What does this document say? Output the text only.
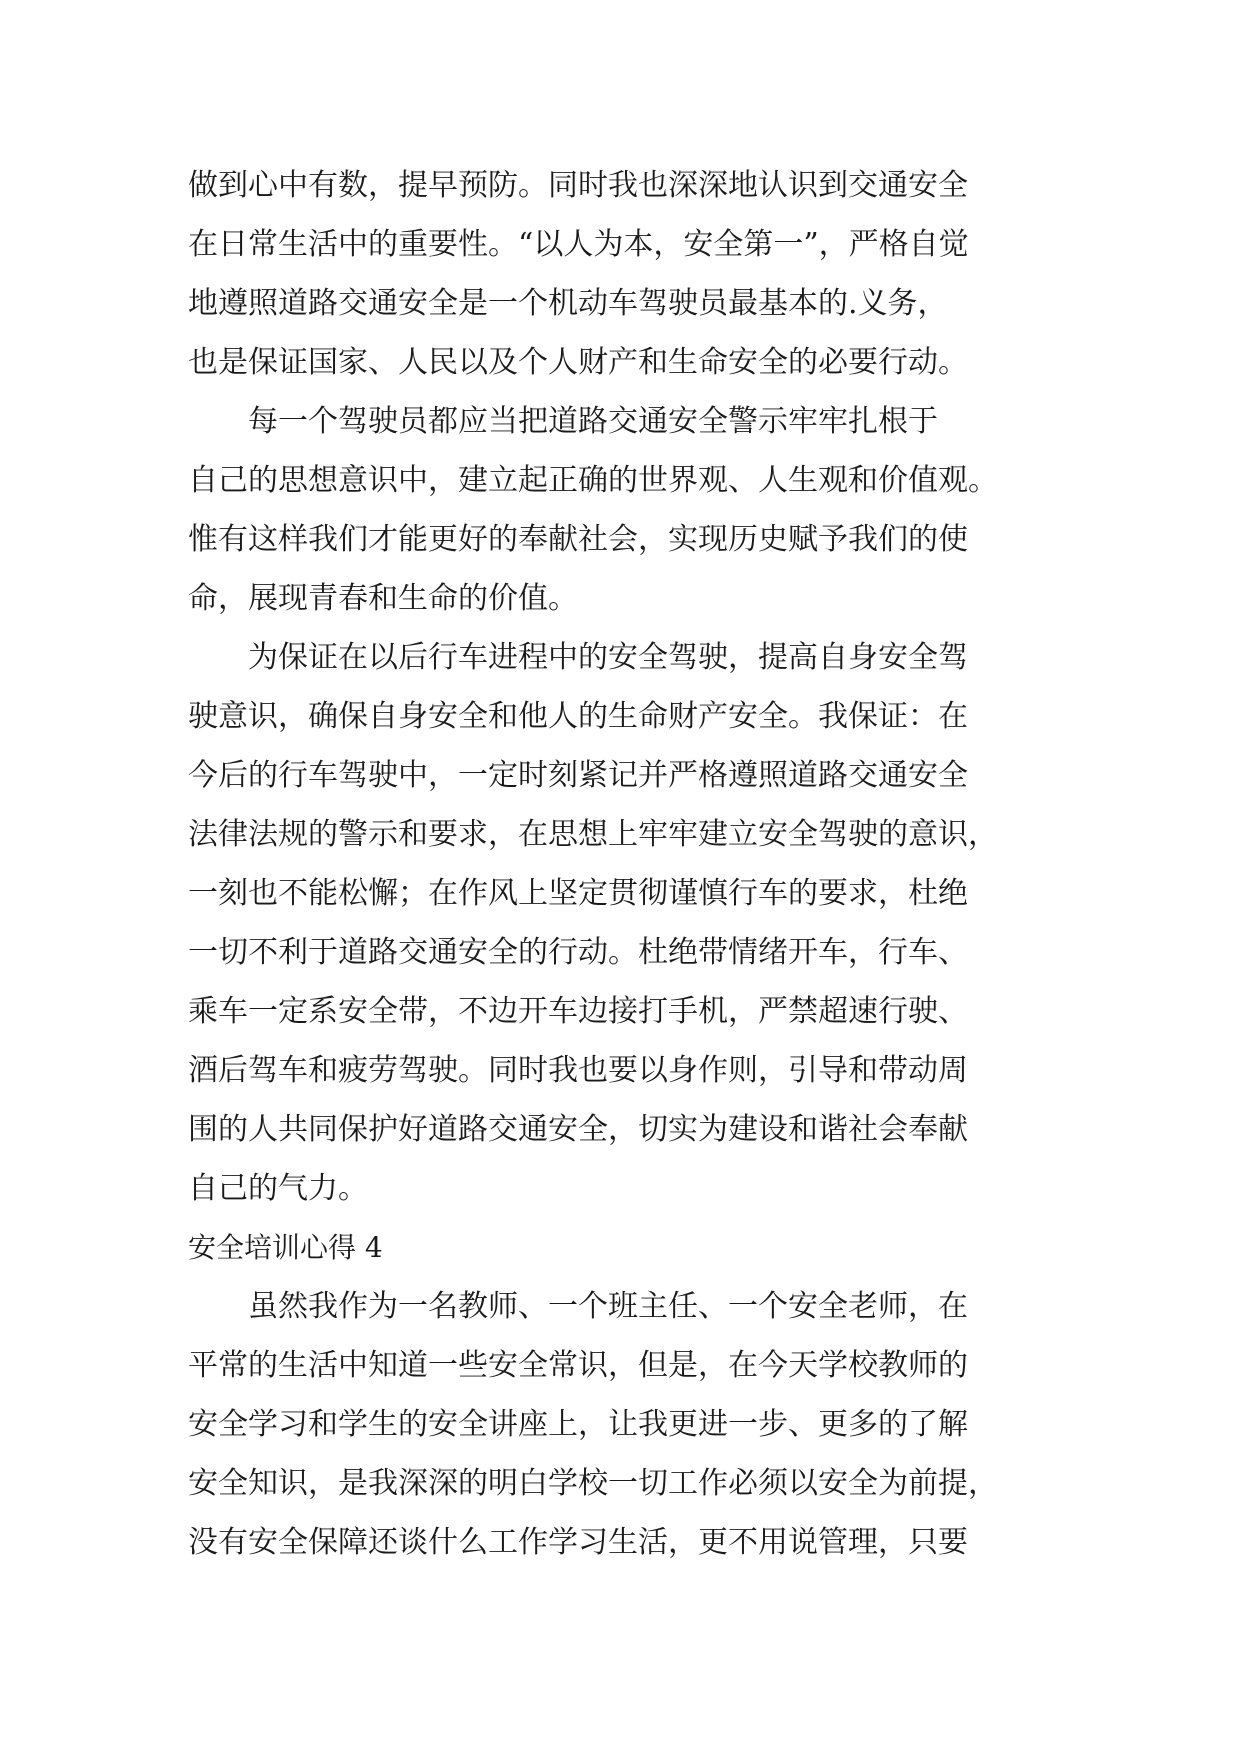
做到心中有数，提早预防。同时我也深深地认识到交通安全
在日常生活中的重要性。“以人为本，安全第一”，严格自觉
地遵照道路交通安全是一个机动车驾驶员最基本的.义务，
也是保证国家、人民以及个人财产和生命安全的必要行动。
　　每一个驾驶员都应当把道路交通安全警示牢牢扎根于
自己的思想意识中，建立起正确的世界观、人生观和价值观。
惟有这样我们才能更好的奉献社会，实现历史赋予我们的使
命，展现青春和生命的价值。
　　为保证在以后行车进程中的安全驾驶，提高自身安全驾
驶意识，确保自身安全和他人的生命财产安全。我保证：在
今后的行车驾驶中，一定时刻紧记并严格遵照道路交通安全
法律法规的警示和要求，在思想上牢牢建立安全驾驶的意识，
一刻也不能松懈；在作风上坚定贯彻谨慎行车的要求，杜绝
一切不利于道路交通安全的行动。杜绝带情绪开车，行车、
乘车一定系安全带，不边开车边接打手机，严禁超速行驶、
酒后驾车和疲劳驾驶。同时我也要以身作则，引导和带动周
围的人共同保护好道路交通安全，切实为建设和谐社会奉献
自己的气力。
安全培训心得 4
　　虽然我作为一名教师、一个班主任、一个安全老师，在
平常的生活中知道一些安全常识，但是，在今天学校教师的
安全学习和学生的安全讲座上，让我更进一步、更多的了解
安全知识，是我深深的明白学校一切工作必须以安全为前提，
没有安全保障还谈什么工作学习生活，更不用说管理，只要
